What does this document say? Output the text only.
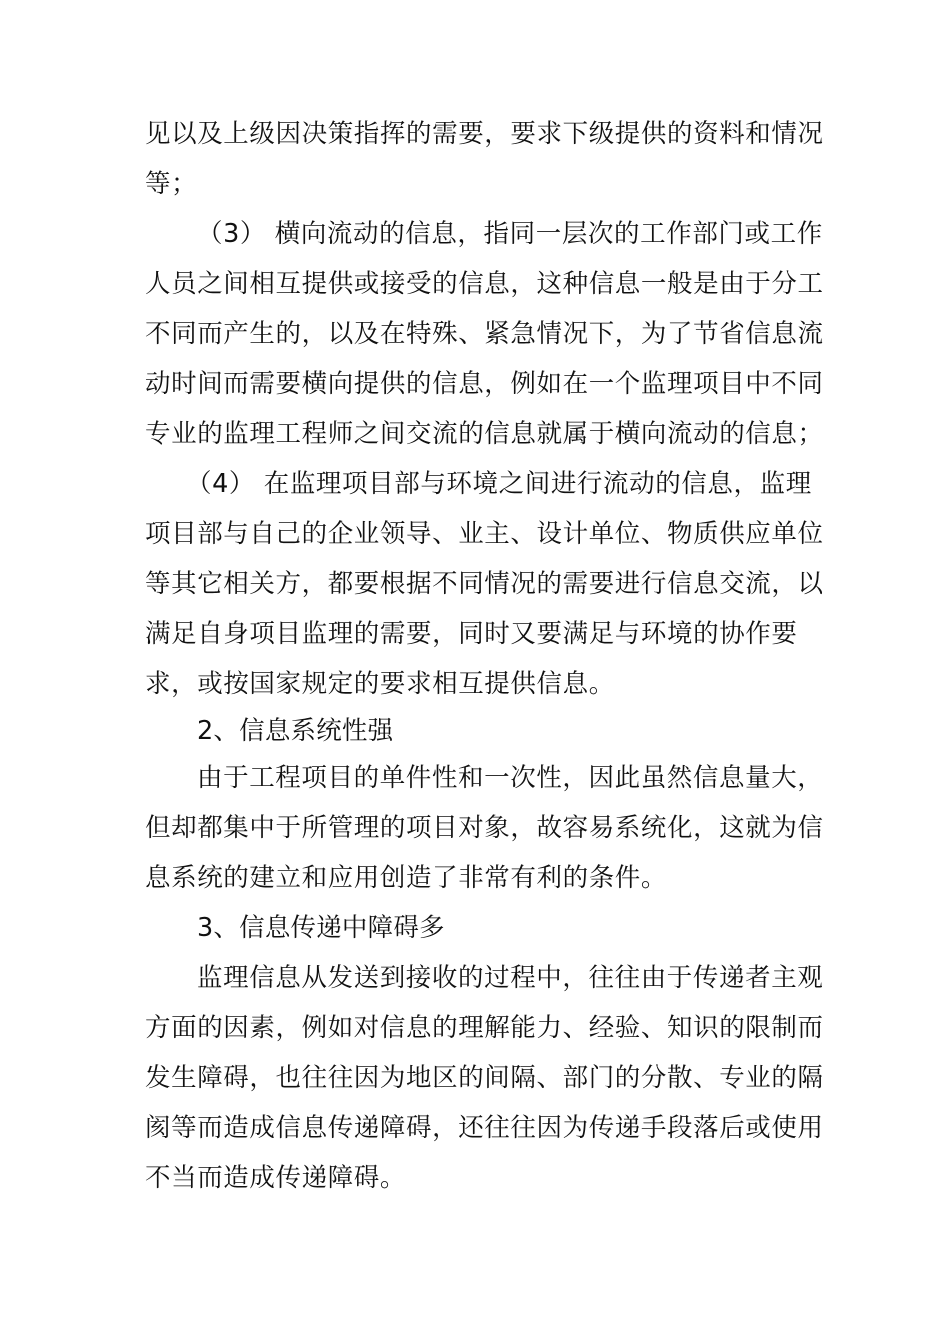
见以及上级因决策指挥的需要，要求下级提供的资料和情况
等；
（3） 横向流动的信息，指同一层次的工作部门或工作
人员之间相互提供或接受的信息，这种信息一般是由于分工
不同而产生的，以及在特殊、紧急情况下，为了节省信息流
动时间而需要横向提供的信息，例如在一个监理项目中不同
专业的监理工程师之间交流的信息就属于横向流动的信息；
（4） 在监理项目部与环境之间进行流动的信息，监理
项目部与自己的企业领导、业主、设计单位、物质供应单位
等其它相关方，都要根据不同情况的需要进行信息交流，以
满足自身项目监理的需要，同时又要满足与环境的协作要
求，或按国家规定的要求相互提供信息。
2、信息系统性强
由于工程项目的单件性和一次性，因此虽然信息量大，
但却都集中于所管理的项目对象，故容易系统化，这就为信
息系统的建立和应用创造了非常有利的条件。
3、信息传递中障碍多
监理信息从发送到接收的过程中，往往由于传递者主观
方面的因素，例如对信息的理解能力、经验、知识的限制而
发生障碍，也往往因为地区的间隔、部门的分散、专业的隔
阂等而造成信息传递障碍，还往往因为传递手段落后或使用
不当而造成传递障碍。
